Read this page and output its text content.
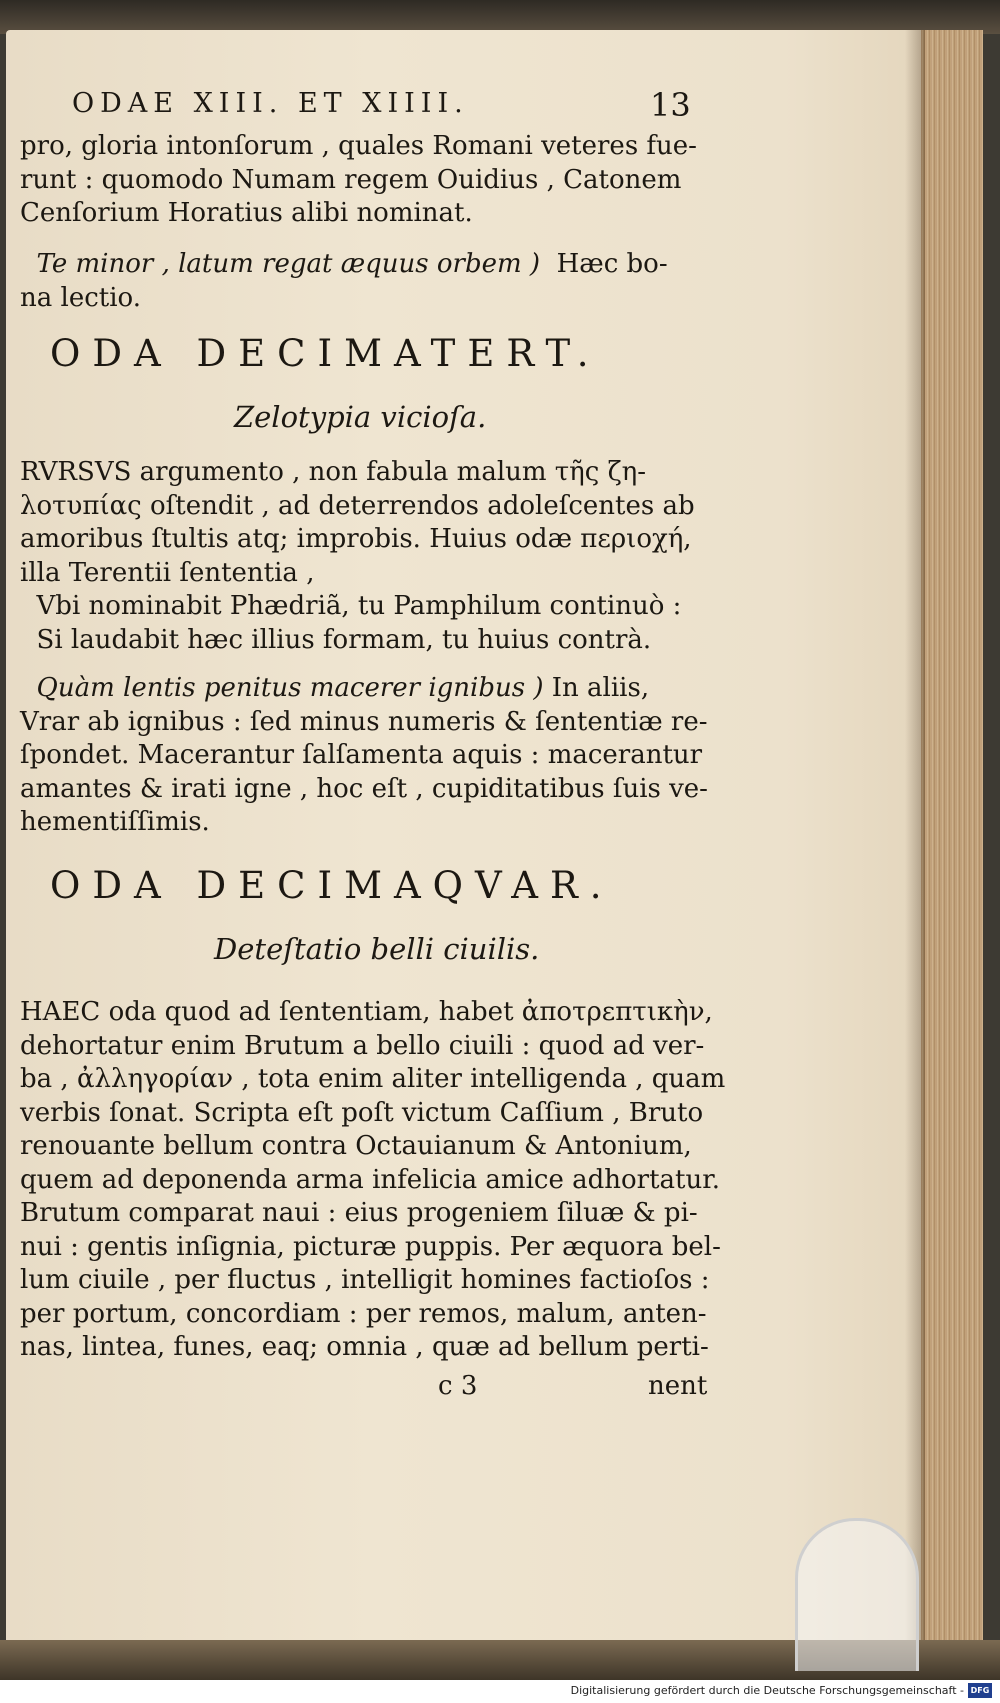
ODAE XIII. ET XIIII.	13
pro, gloria intonſorum , quales Romani veteres fue-
runt : quomodo Numam regem Ouidius , Catonem
Cenſorium Horatius alibi nominat.
Te minor , latum regat æquus orbem ) Hæc bo-
na lectio.
ODA DECIMATERT.
Zelotypia vicioſa.
RVRSVS argumento , non fabula malum τῆς ζη-
λοτυπίας oſtendit , ad deterrendos adoleſcentes ab
amoribus ſtultis atq; improbis. Huius odæ περιοχή,
illa Terentii ſententia ,
Vbi nominabit Phædriã, tu Pamphilum continuò :
Si laudabit hæc illius formam, tu huius contrà.
Quàm lentis penitus macerer ignibus ) In aliis,
Vrar ab ignibus : ſed minus numeris & ſententiæ re-
ſpondet. Macerantur ſalſamenta aquis : macerantur
amantes & irati igne , hoc eſt , cupiditatibus ſuis ve-
hementiſſimis.
ODA DECIMAQVAR.
Deteſtatio belli ciuilis.
HAEC oda quod ad ſententiam, habet ἀποτρεπτικὴν,
dehortatur enim Brutum a bello ciuili : quod ad ver-
ba , ἀλληγορίαν , tota enim aliter intelligenda , quam
verbis ſonat. Scripta eſt poſt victum Caſſium , Bruto
renouante bellum contra Octauianum & Antonium,
quem ad deponenda arma infelicia amice adhortatur.
Brutum comparat naui : eius progeniem ſiluæ & pi-
nui : gentis inſignia, picturæ puppis. Per æquora bel-
lum ciuile , per fluctus , intelligit homines factioſos :
per portum, concordiam : per remos, malum, anten-
nas, lintea, funes, eaq; omnia , quæ ad bellum perti-
c 3	nent
Digitalisierung gefördert durch die Deutsche Forschungsgemeinschaft - DFG
